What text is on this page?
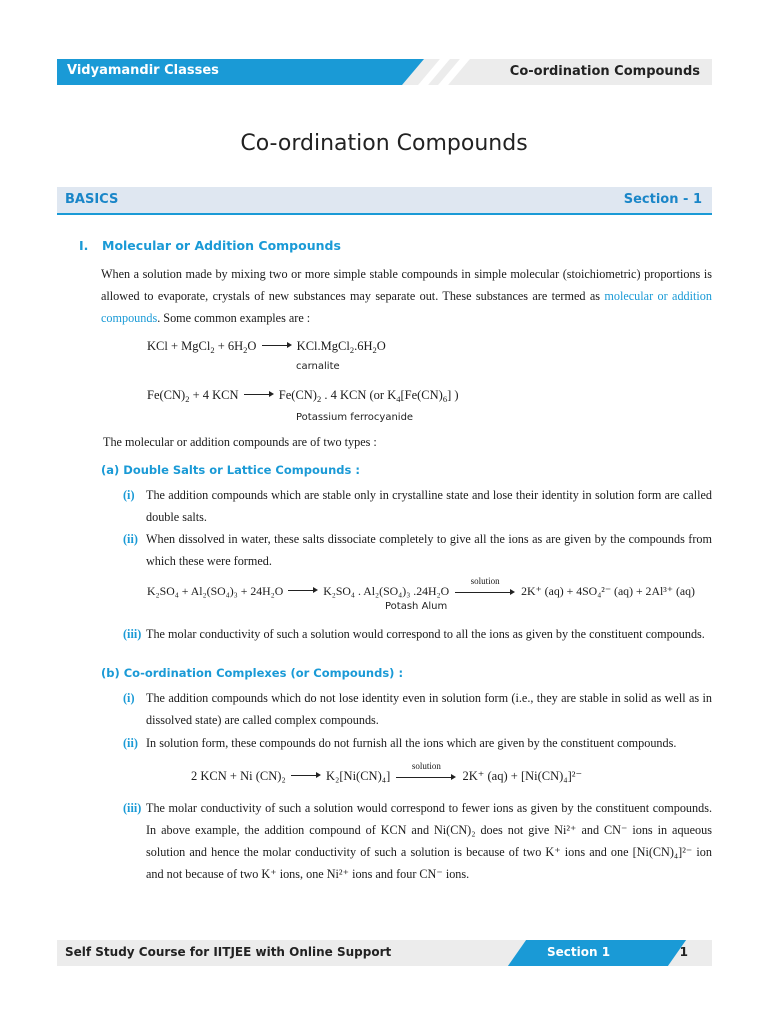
Vidyamandir Classes	Co-ordination Compounds
Co-ordination Compounds
BASICS	Section - 1
I. Molecular or Addition Compounds
When a solution made by mixing two or more simple stable compounds in simple molecular (stoichiometric) proportions is allowed to evaporate, crystals of new substances may separate out. These substances are termed as molecular or addition compounds. Some common examples are :
KCl + MgCl$_2$ + $6H_2O$	$KCl.MgCl_2.6H_2O$
carnalite
$Fe(CN)_2 + 4$ KCN	$Fe(CN)_2$ . 4 KCN (or $K_4[Fe(CN)_6]$ )
Potassium ferrocyanide
The molecular or addition compounds are of two types :
(a) Double Salts or Lattice Compounds :
(i) The addition compounds which are stable only in crystalline state and lose their identity in solution form are called double salts.
(ii) When dissolved in water, these salts dissociate completely to give all the ions as are given by the compounds from which these were formed.
K₂SO₄ + Al₂(SO₄)₃ + 24H₂O	K₂SO₄ . Al₂(SO₄)₃ .24H₂O
solution
2K⁺ (aq) + 4SO₄²⁻ (aq) + 2Al³⁺ (aq)
Potash Alum
(iii) The molar conductivity of such a solution would correspond to all the ions as given by the constituent compounds.
(b) Co-ordination Complexes (or Compounds) :
(i) The addition compounds which do not lose identity even in solution form (i.e., they are stable in solid as well as in dissolved state) are called complex compounds.
(ii) In solution form, these compounds do not furnish all the ions which are given by the constituent compounds.
2 KCN + Ni (CN)₂	K₂[Ni(CN)₄]
solution
2K⁺ (aq) + [Ni(CN)₄]²⁻
(iii) The molar conductivity of such a solution would correspond to fewer ions as given by the constituent compounds. In above example, the addition compound of KCN and Ni(CN)₂ does not give Ni²⁺ and CN⁻ ions in aqueous solution and hence the molar conductivity of such a solution is because of two K⁺ ions and one [Ni(CN)₄]²⁻ ion and not because of two K⁺ ions, one Ni²⁺ ions and four CN⁻ ions.
Self Study Course for IITJEE with Online Support	Section 1	1
